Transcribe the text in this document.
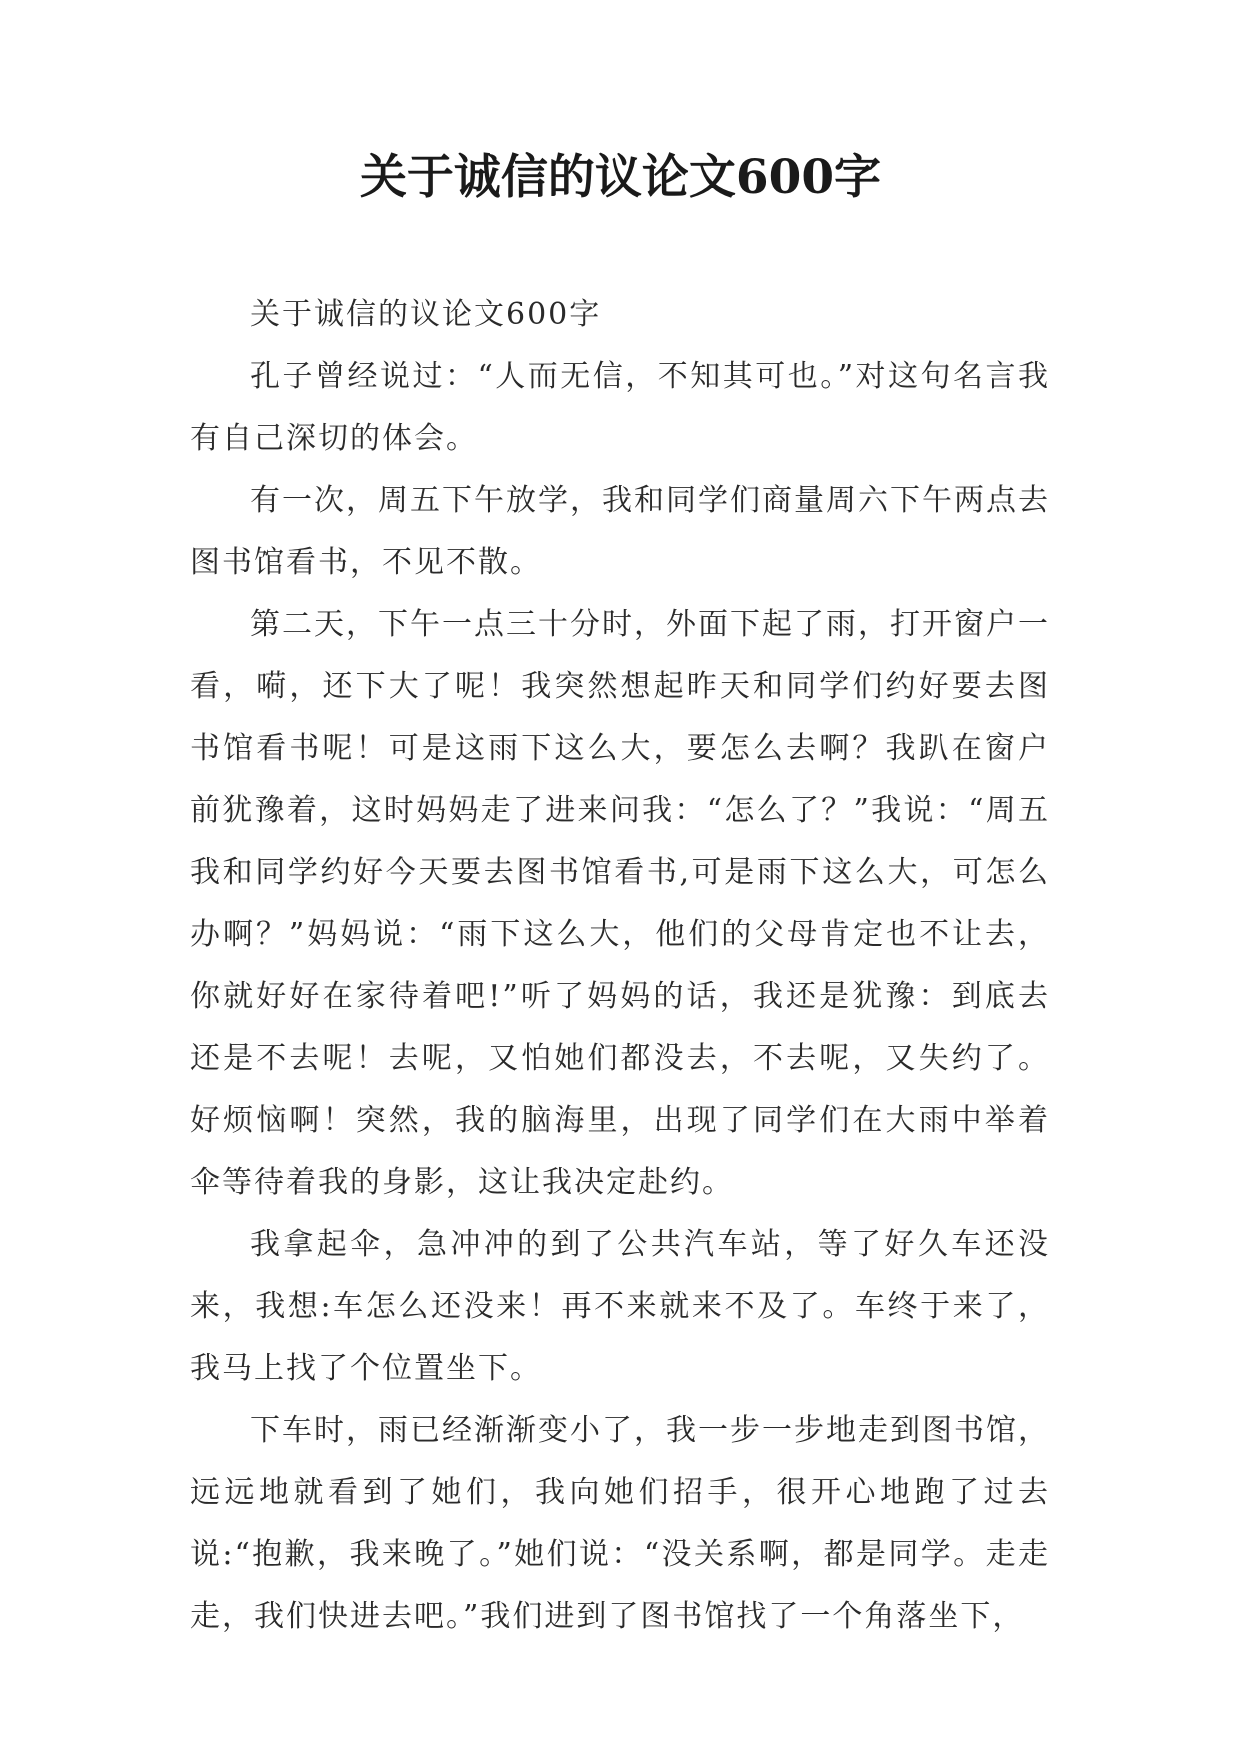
关于诚信的议论文600字

关于诚信的议论文600字

孔子曾经说过：“人而无信，不知其可也。”对这句名言我有自己深切的体会。

有一次，周五下午放学，我和同学们商量周六下午两点去图书馆看书，不见不散。

第二天，下午一点三十分时，外面下起了雨，打开窗户一看，嗬，还下大了呢！我突然想起昨天和同学们约好要去图书馆看书呢！可是这雨下这么大，要怎么去啊？我趴在窗户前犹豫着，这时妈妈走了进来问我：“怎么了？”我说：“周五我和同学约好今天要去图书馆看书,可是雨下这么大，可怎么办啊？”妈妈说：“雨下这么大，他们的父母肯定也不让去，你就好好在家待着吧!”听了妈妈的话，我还是犹豫：到底去还是不去呢！去呢，又怕她们都没去，不去呢，又失约了。好烦恼啊！突然，我的脑海里，出现了同学们在大雨中举着伞等待着我的身影，这让我决定赴约。

我拿起伞，急冲冲的到了公共汽车站，等了好久车还没来，我想:车怎么还没来！再不来就来不及了。车终于来了，我马上找了个位置坐下。

下车时，雨已经渐渐变小了，我一步一步地走到图书馆，远远地就看到了她们，我向她们招手，很开心地跑了过去说:“抱歉，我来晚了。”她们说：“没关系啊，都是同学。走走走，我们快进去吧。”我们进到了图书馆找了一个角落坐下，
